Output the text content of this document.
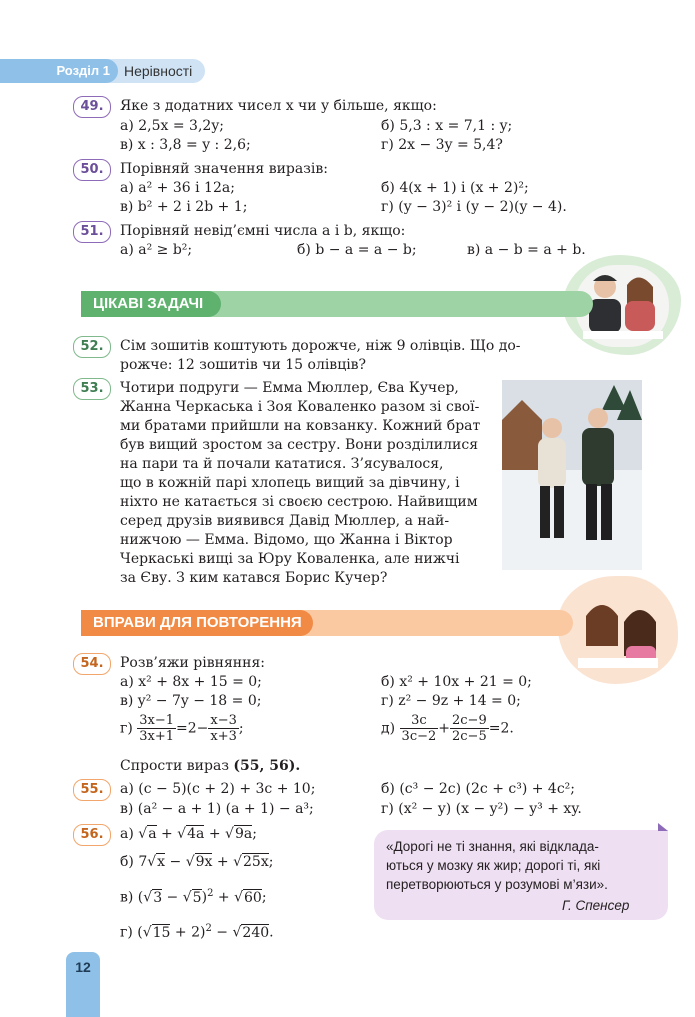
Розділ 1	Нерівності
49.	Яке з додатних чисел x чи y більше, якщо:
а) 2,5x = 3,2y;	б) 5,3 : x = 7,1 : y;
в) x : 3,8 = y : 2,6;	г) 2x − 3y = 5,4?
50.	Порівняй значення виразів:
а) a² + 36 і 12a;	б) 4(x + 1) і (x + 2)²;
в) b² + 2 і 2b + 1;	г) (y − 3)² і (y − 2)(y − 4).
51.	Порівняй невід’ємні числа a і b, якщо:
а) a² ≥ b²;	б) b − a = a − b;	в) a − b = a + b.
ЦІКАВІ ЗАДАЧІ
52.	Сім зошитів коштують дорожче, ніж 9 олівців. Що до-
рожче: 12 зошитів чи 15 олівців?
53.	Чотири подруги — Емма Мюллер, Єва Кучер,
Жанна Черкаська і Зоя Коваленко разом зі свої-
ми братами прийшли на ковзанку. Кожний брат
був вищий зростом за сестру. Вони розділилися
на пари та й почали кататися. З’ясувалося,
що в кожній парі хлопець вищий за дівчину, і
ніхто не катається зі своєю сестрою. Найвищим
серед друзів виявився Давід Мюллер, а най-
нижчою — Емма. Відомо, що Жанна і Віктор
Черкаські вищі за Юру Коваленка, але нижчі
за Єву. З ким катався Борис Кучер?
ВПРАВИ ДЛЯ ПОВТОРЕННЯ
54.	Розв’яжи рівняння:
а) x² + 8x + 15 = 0;	б) x² + 10x + 21 = 0;
в) y² − 7y − 18 = 0;	г) z² − 9z + 14 = 0;
$г) \frac{3x-1}{3x+1} =2- \frac{x-3}{x+3}$ ;	$д) \frac{3c}{3c-2} + \frac{2c-9}{2c-5} =2$.
Спрости вираз (55, 56).
55.	а) (c − 5)(c + 2) + 3c + 10;	б) (c³ − 2c) (2c + c³) + 4c²;
в) (a² − a + 1) (a + 1) − a³;	г) (x² − y) (x − y²) − y³ + xy.
56.	а) √a + √4a + √9a;
б) 7√x − √9x + √25x;
в) $(√3 - √5)^2 + √60$;
г) $(√15 + 2)^2 - √240$.
«Дорогі не ті знання, які відклада-
ються у мозку як жир; дорогі ті, які
перетворюються у розумові м’язи».
Г. Спенсер
12
